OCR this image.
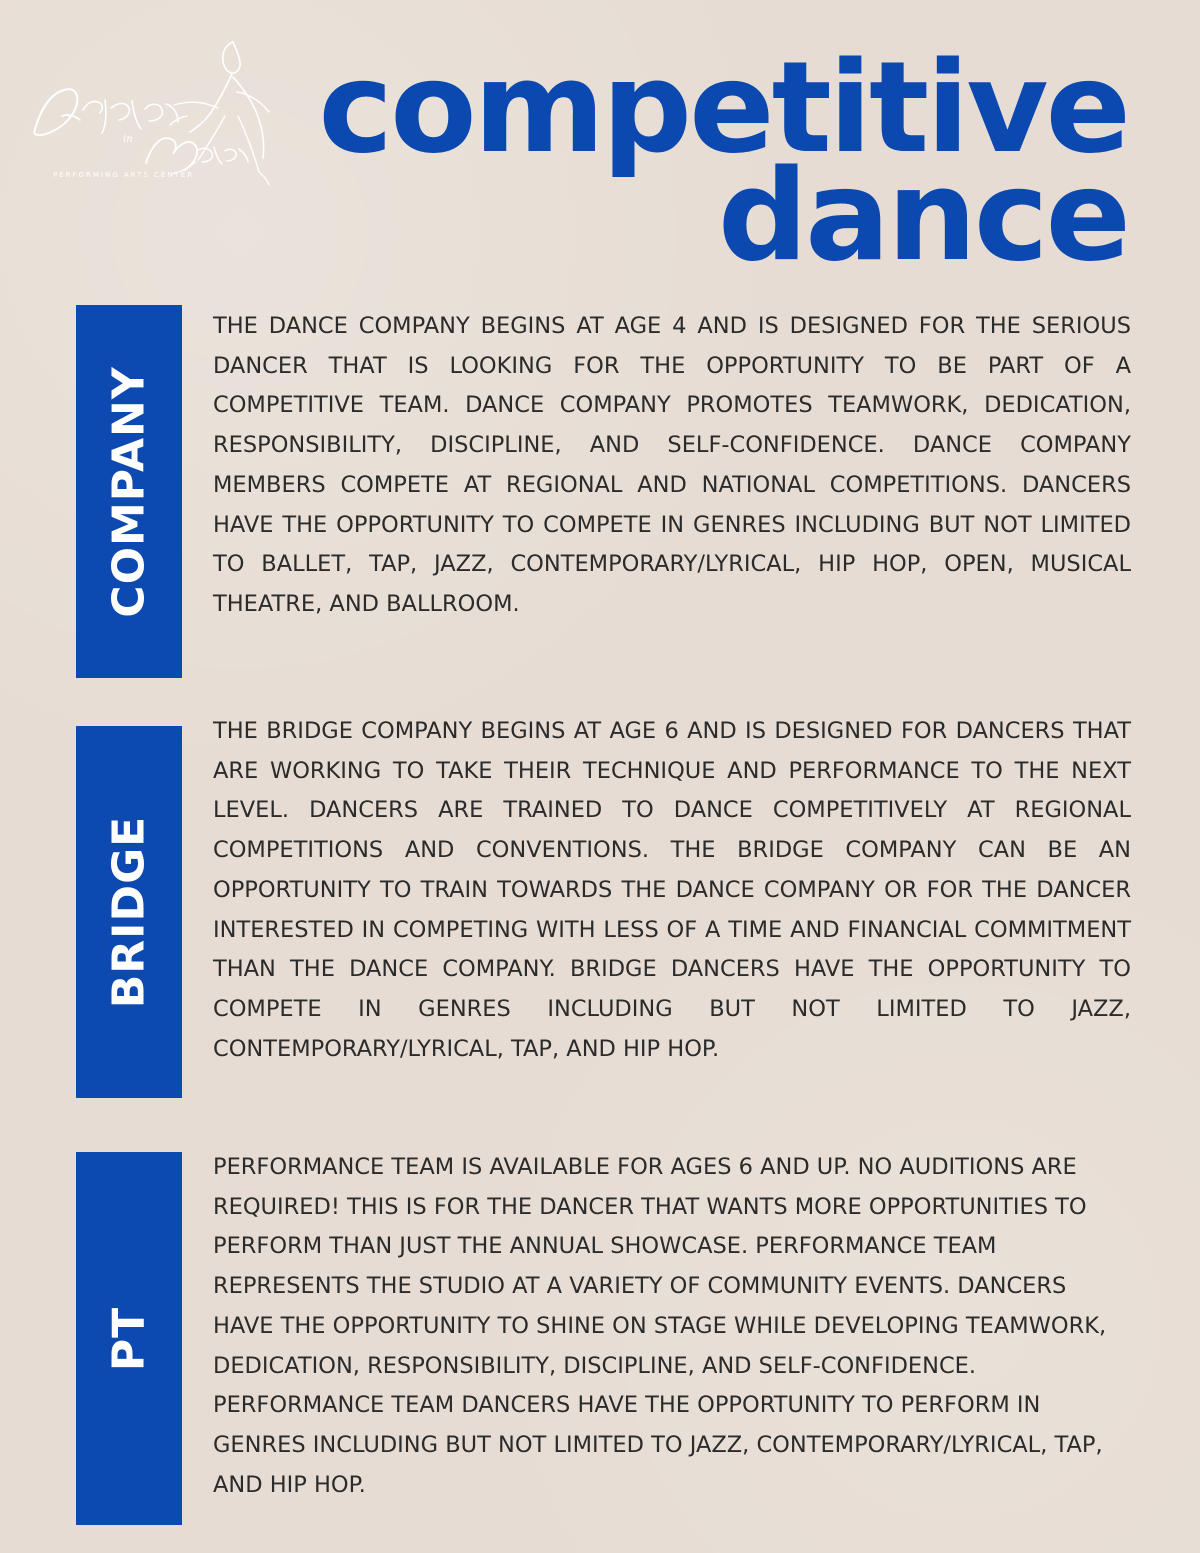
in
PERFORMING ARTS CENTER competitive
dance
COMPANY
THE DANCE COMPANY BEGINS AT AGE 4 AND IS DESIGNED FOR THE SERIOUS DANCER THAT IS LOOKING FOR THE OPPORTUNITY TO BE PART OF A COMPETITIVE TEAM. DANCE COMPANY PROMOTES TEAMWORK, DEDICATION, RESPONSIBILITY, DISCIPLINE, AND SELF-CONFIDENCE. DANCE COMPANY MEMBERS COMPETE AT REGIONAL AND NATIONAL COMPETITIONS. DANCERS HAVE THE OPPORTUNITY TO COMPETE IN GENRES INCLUDING BUT NOT LIMITED TO BALLET, TAP, JAZZ, CONTEMPORARY/LYRICAL, HIP HOP, OPEN, MUSICAL THEATRE, AND BALLROOM.
BRIDGE
THE BRIDGE COMPANY BEGINS AT AGE 6 AND IS DESIGNED FOR DANCERS THAT ARE WORKING TO TAKE THEIR TECHNIQUE AND PERFORMANCE TO THE NEXT LEVEL. DANCERS ARE TRAINED TO DANCE COMPETITIVELY AT REGIONAL COMPETITIONS AND CONVENTIONS. THE BRIDGE COMPANY CAN BE AN OPPORTUNITY TO TRAIN TOWARDS THE DANCE COMPANY OR FOR THE DANCER INTERESTED IN COMPETING WITH LESS OF A TIME AND FINANCIAL COMMITMENT THAN THE DANCE COMPANY. BRIDGE DANCERS HAVE THE OPPORTUNITY TO COMPETE IN GENRES INCLUDING BUT NOT LIMITED TO JAZZ, CONTEMPORARY/LYRICAL, TAP, AND HIP HOP.
PT
PERFORMANCE TEAM IS AVAILABLE FOR AGES 6 AND UP. NO AUDITIONS ARE REQUIRED! THIS IS FOR THE DANCER THAT WANTS MORE OPPORTUNITIES TO PERFORM THAN JUST THE ANNUAL SHOWCASE. PERFORMANCE TEAM REPRESENTS THE STUDIO AT A VARIETY OF COMMUNITY EVENTS. DANCERS HAVE THE OPPORTUNITY TO SHINE ON STAGE WHILE DEVELOPING TEAMWORK, DEDICATION, RESPONSIBILITY, DISCIPLINE, AND SELF-CONFIDENCE. PERFORMANCE TEAM DANCERS HAVE THE OPPORTUNITY TO PERFORM IN GENRES INCLUDING BUT NOT LIMITED TO JAZZ, CONTEMPORARY/LYRICAL, TAP, AND HIP HOP.
